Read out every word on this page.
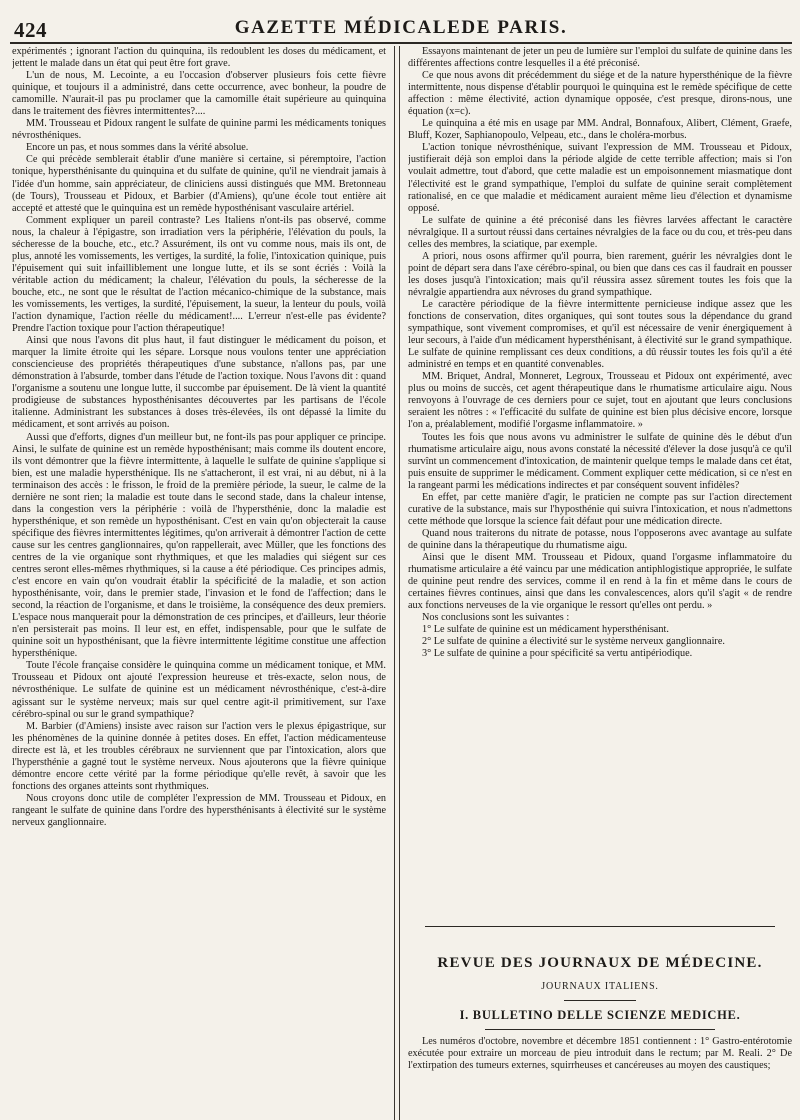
424	GAZETTE MÉDICALEDE PARIS.

expérimentés ; ignorant l'action du quinquina, ils redoublent les doses du médicament, et jettent le malade dans un état qui peut être fort grave.

L'un de nous, M. Lecointe, a eu l'occasion d'observer plusieurs fois cette fièvre quinique, et toujours il a administré, dans cette occurrence, avec bonheur, la poudre de camomille. N'aurait-il pas pu proclamer que la camomille était supérieure au quinquina dans le traitement des fièvres intermittentes?....

MM. Trousseau et Pidoux rangent le sulfate de quinine parmi les médicaments toniques névrosthéniques.

Encore un pas, et nous sommes dans la vérité absolue.

Ce qui précède semblerait établir d'une manière si certaine, si péremptoire, l'action tonique, hypersthénisante du quinquina et du sulfate de quinine, qu'il ne viendrait jamais à l'idée d'un homme, sain appréciateur, de cliniciens aussi distingués que MM. Bretonneau (de Tours), Trousseau et Pidoux, et Barbier (d'Amiens), qu'une école tout entière ait accepté et attesté que le quinquina est un remède hyposthénisant vasculaire artériel.

Comment expliquer un pareil contraste? Les Italiens n'ont-ils pas observé, comme nous, la chaleur à l'épigastre, son irradiation vers la périphérie, l'élévation du pouls, la sécheresse de la bouche, etc., etc.? Assurément, ils ont vu comme nous, mais ils ont, de plus, annoté les vomissements, les vertiges, la surdité, la folie, l'intoxication quinique, puis l'épuisement qui suit infailliblement une longue lutte, et ils se sont écriés : Voilà la véritable action du médicament; la chaleur, l'élévation du pouls, la sécheresse de la bouche, etc., ne sont que le résultat de l'action mécanico-chimique de la substance, mais les vomissements, les vertiges, la surdité, l'épuisement, la sueur, la lenteur du pouls, voilà l'action dynamique, l'action réelle du médicament!.... L'erreur n'est-elle pas évidente? Prendre l'action toxique pour l'action thérapeutique!

Ainsi que nous l'avons dit plus haut, il faut distinguer le médicament du poison, et marquer la limite étroite qui les sépare. Lorsque nous voulons tenter une appréciation consciencieuse des propriétés thérapeutiques d'une substance, n'allons pas, par une démonstration à l'absurde, tomber dans l'étude de l'action toxique. Nous l'avons dit : quand l'organisme a soutenu une longue lutte, il succombe par épuisement. De là vient la quantité prodigieuse de substances hyposthénisantes découvertes par les partisans de l'école italienne. Administrant les substances à doses très-élevées, ils ont dépassé la limite du médicament, et sont arrivés au poison.

Aussi que d'efforts, dignes d'un meilleur but, ne font-ils pas pour appliquer ce principe. Ainsi, le sulfate de quinine est un remède hyposthénisant; mais comme ils doutent encore, ils vont démontrer que la fièvre intermittente, à laquelle le sulfate de quinine s'applique si bien, est une maladie hypersthénique. Ils ne s'attacheront, il est vrai, ni au début, ni à la terminaison des accès : le frisson, le froid de la première période, la sueur, le calme de la dernière ne sont rien; la maladie est toute dans le second stade, dans la chaleur intense, dans la congestion vers la périphérie : voilà de l'hypersthénie, donc la maladie est hypersthénique, et son remède un hyposthénisant. C'est en vain qu'on objecterait la cause spécifique des fièvres intermittentes légitimes, qu'on arriverait à démontrer l'action de cette cause sur les centres ganglionnaires, qu'on rappellerait, avec Müller, que les fonctions des centres de la vie organique sont rhythmiques, et que les maladies qui siégent sur ces centres seront elles-mêmes rhythmiques, si la cause a été périodique. Ces principes admis, c'est encore en vain qu'on voudrait établir la spécificité de la maladie, et son action hyposthénisante, voir, dans le premier stade, l'invasion et le fond de l'affection; dans le second, la réaction de l'organisme, et dans le troisième, la conséquence des deux premiers. L'espace nous manquerait pour la démonstration de ces principes, et d'ailleurs, leur théorie n'en persisterait pas moins. Il leur est, en effet, indispensable, pour que le sulfate de quinine soit un hyposthénisant, que la fièvre intermittente légitime constitue une affection hypersthénique.

Toute l'école française considère le quinquina comme un médicament tonique, et MM. Trousseau et Pidoux ont ajouté l'expression heureuse et très-exacte, selon nous, de névrosthénique. Le sulfate de quinine est un médicament névrosthénique, c'est-à-dire agissant sur le système nerveux; mais sur quel centre agit-il primitivement, sur l'axe cérébro-spinal ou sur le grand sympathique?

M. Barbier (d'Amiens) insiste avec raison sur l'action vers le plexus épigastrique, sur les phénomènes de la quinine donnée à petites doses. En effet, l'action médicamenteuse directe est là, et les troubles cérébraux ne surviennent que par l'intoxication, alors que l'hypersthénie a gagné tout le système nerveux. Nous ajouterons que la fièvre quinique démontre encore cette vérité par la forme périodique qu'elle revêt, à savoir que les fonctions des organes atteints sont rhythmiques.

Nous croyons donc utile de compléter l'expression de MM. Trousseau et Pidoux, en rangeant le sulfate de quinine dans l'ordre des hypersthénisants à électivité sur le système nerveux ganglionnaire.

Essayons maintenant de jeter un peu de lumière sur l'emploi du sulfate de quinine dans les différentes affections contre lesquelles il a été préconisé.

Ce que nous avons dit précédemment du siége et de la nature hypersthénique de la fièvre intermittente, nous dispense d'établir pourquoi le quinquina est le remède spécifique de cette affection : même électivité, action dynamique opposée, c'est presque, dirons-nous, une équation (x=c).

Le quinquina a été mis en usage par MM. Andral, Bonnafoux, Alibert, Clément, Graefe, Bluff, Kozer, Saphianopoulo, Velpeau, etc., dans le choléra-morbus.

L'action tonique névrosthénique, suivant l'expression de MM. Trousseau et Pidoux, justifierait déjà son emploi dans la période algide de cette terrible affection; mais si l'on voulait admettre, tout d'abord, que cette maladie est un empoisonnement miasmatique dont l'électivité est le grand sympathique, l'emploi du sulfate de quinine serait complètement rationalisé, en ce que maladie et médicament auraient même lieu d'élection et dynamisme opposé.

Le sulfate de quinine a été préconisé dans les fièvres larvées affectant le caractère névralgique. Il a surtout réussi dans certaines névralgies de la face ou du cou, et très-peu dans celles des membres, la sciatique, par exemple.

A priori, nous osons affirmer qu'il pourra, bien rarement, guérir les névralgies dont le point de départ sera dans l'axe cérébro-spinal, ou bien que dans ces cas il faudrait en pousser les doses jusqu'à l'intoxication; mais qu'il réussira assez sûrement toutes les fois que la névralgie appartiendra aux névroses du grand sympathique.

Le caractère périodique de la fièvre intermittente pernicieuse indique assez que les fonctions de conservation, dites organiques, qui sont toutes sous la dépendance du grand sympathique, sont vivement compromises, et qu'il est nécessaire de venir énergiquement à leur secours, à l'aide d'un médicament hypersthénisant, à électivité sur le grand sympathique. Le sulfate de quinine remplissant ces deux conditions, a dû réussir toutes les fois qu'il a été administré en temps et en quantité convenables.

MM. Briquet, Andral, Monneret, Legroux, Trousseau et Pidoux ont expérimenté, avec plus ou moins de succès, cet agent thérapeutique dans le rhumatisme articulaire aigu. Nous renvoyons à l'ouvrage de ces derniers pour ce sujet, tout en ajoutant que leurs conclusions seraient les nôtres : « l'efficacité du sulfate de quinine est bien plus décisive encore, lorsque l'on a, préalablement, modifié l'orgasme inflammatoire. »

Toutes les fois que nous avons vu administrer le sulfate de quinine dès le début d'un rhumatisme articulaire aigu, nous avons constaté la nécessité d'élever la dose jusqu'à ce qu'il survînt un commencement d'intoxication, de maintenir quelque temps le malade dans cet état, puis ensuite de supprimer le médicament. Comment expliquer cette médication, si ce n'est en la rangeant parmi les médications indirectes et par conséquent souvent infidèles?

En effet, par cette manière d'agir, le praticien ne compte pas sur l'action directement curative de la substance, mais sur l'hyposthénie qui suivra l'intoxication, et nous n'admettons cette méthode que lorsque la science fait défaut pour une médication directe.

Quand nous traiterons du nitrate de potasse, nous l'opposerons avec avantage au sulfate de quinine dans la thérapeutique du rhumatisme aigu.

Ainsi que le disent MM. Trousseau et Pidoux, quand l'orgasme inflammatoire du rhumatisme articulaire a été vaincu par une médication antiphlogistique appropriée, le sulfate de quinine peut rendre des services, comme il en rend à la fin et même dans le cours de certaines fièvres continues, ainsi que dans les convalescences, alors qu'il s'agit « de rendre aux fonctions nerveuses de la vie organique le ressort qu'elles ont perdu. »

Nos conclusions sont les suivantes :

1° Le sulfate de quinine est un médicament hypersthénisant.

2° Le sulfate de quinine a électivité sur le système nerveux ganglionnaire.

3° Le sulfate de quinine a pour spécificité sa vertu antipériodique.

REVUE DES JOURNAUX DE MÉDECINE.
JOURNAUX ITALIENS.
I. BULLETINO DELLE SCIENZE MEDICHE.

Les numéros d'octobre, novembre et décembre 1851 contiennent : 1° Gastro-entérotomie exécutée pour extraire un morceau de pieu introduit dans le rectum; par M. Reali. 2° De l'extirpation des tumeurs externes, squirrheuses et cancéreuses au moyen des caustiques;
